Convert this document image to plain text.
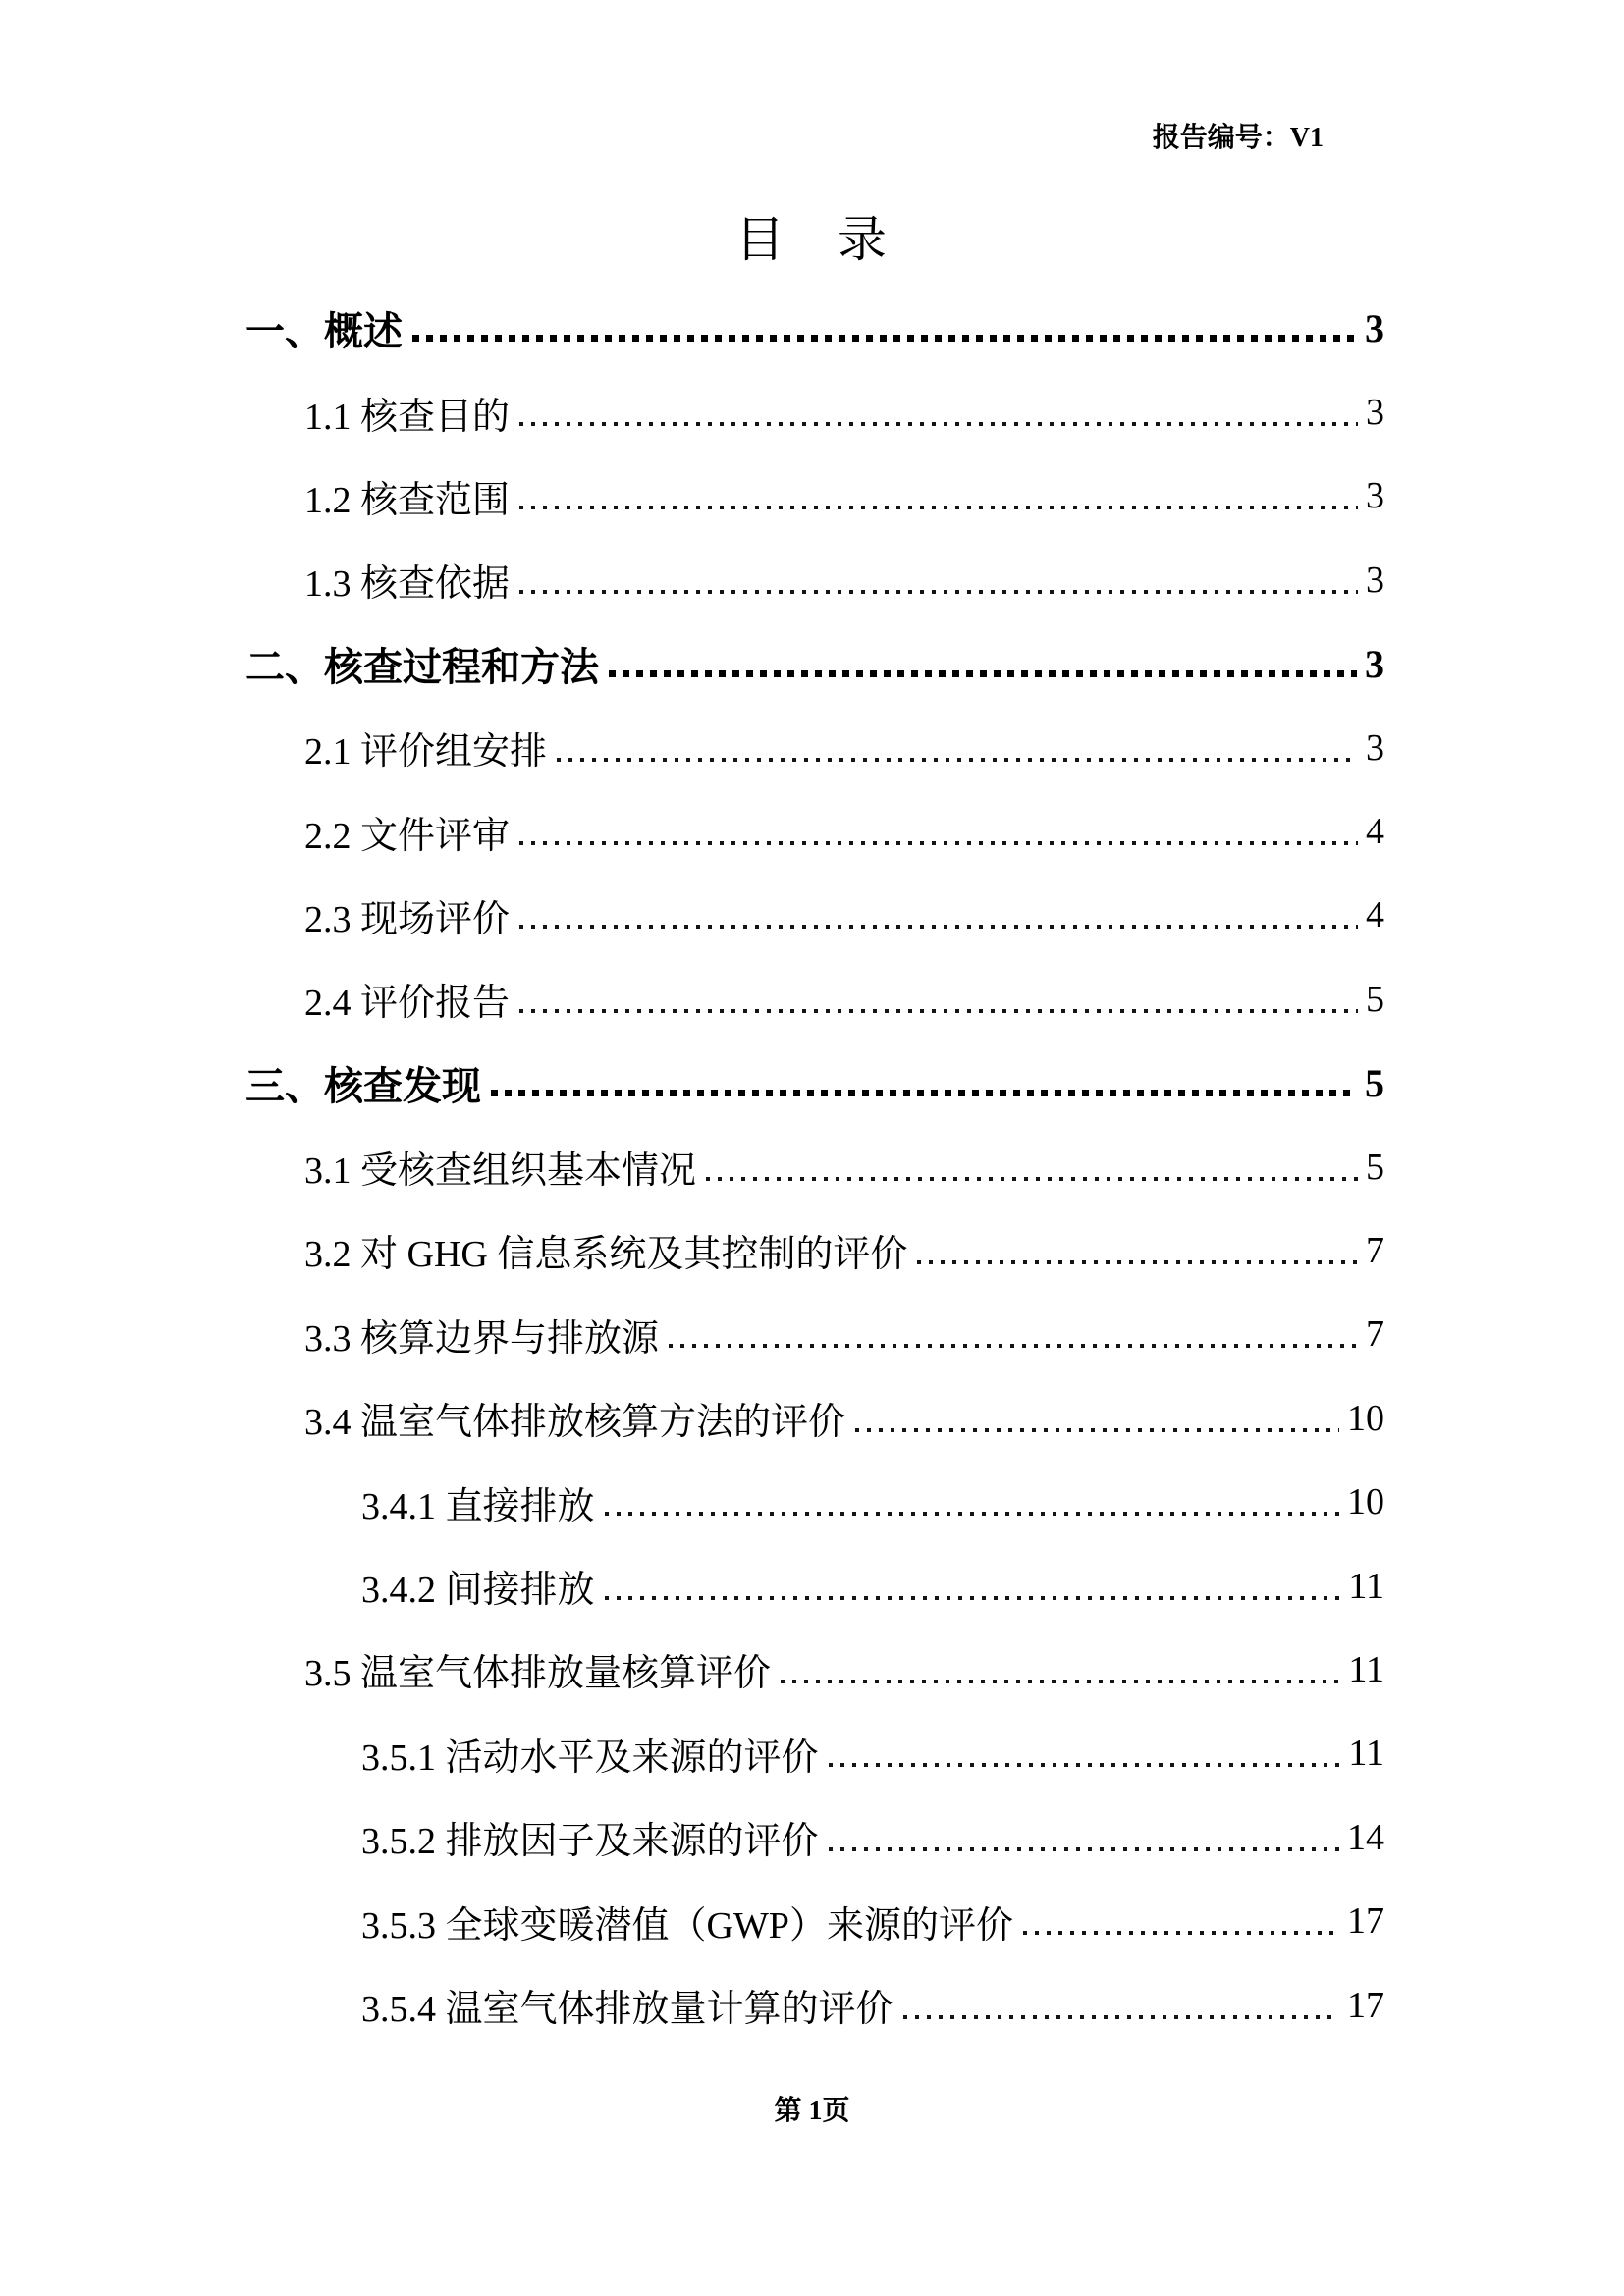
报告编号：V1
目　录
一、概述	3
1.1 核查目的	3
1.2 核查范围	3
1.3 核查依据	3
二、核查过程和方法	3
2.1 评价组安排	3
2.2 文件评审	4
2.3 现场评价	4
2.4 评价报告	5
三、核查发现	5
3.1 受核查组织基本情况	5
3.2 对 GHG 信息系统及其控制的评价	7
3.3 核算边界与排放源	7
3.4 温室气体排放核算方法的评价	10
3.4.1 直接排放	10
3.4.2 间接排放	11
3.5 温室气体排放量核算评价	11
3.5.1 活动水平及来源的评价	11
3.5.2 排放因子及来源的评价	14
3.5.3 全球变暖潜值（GWP）来源的评价	17
3.5.4 温室气体排放量计算的评价	17
第 1页
